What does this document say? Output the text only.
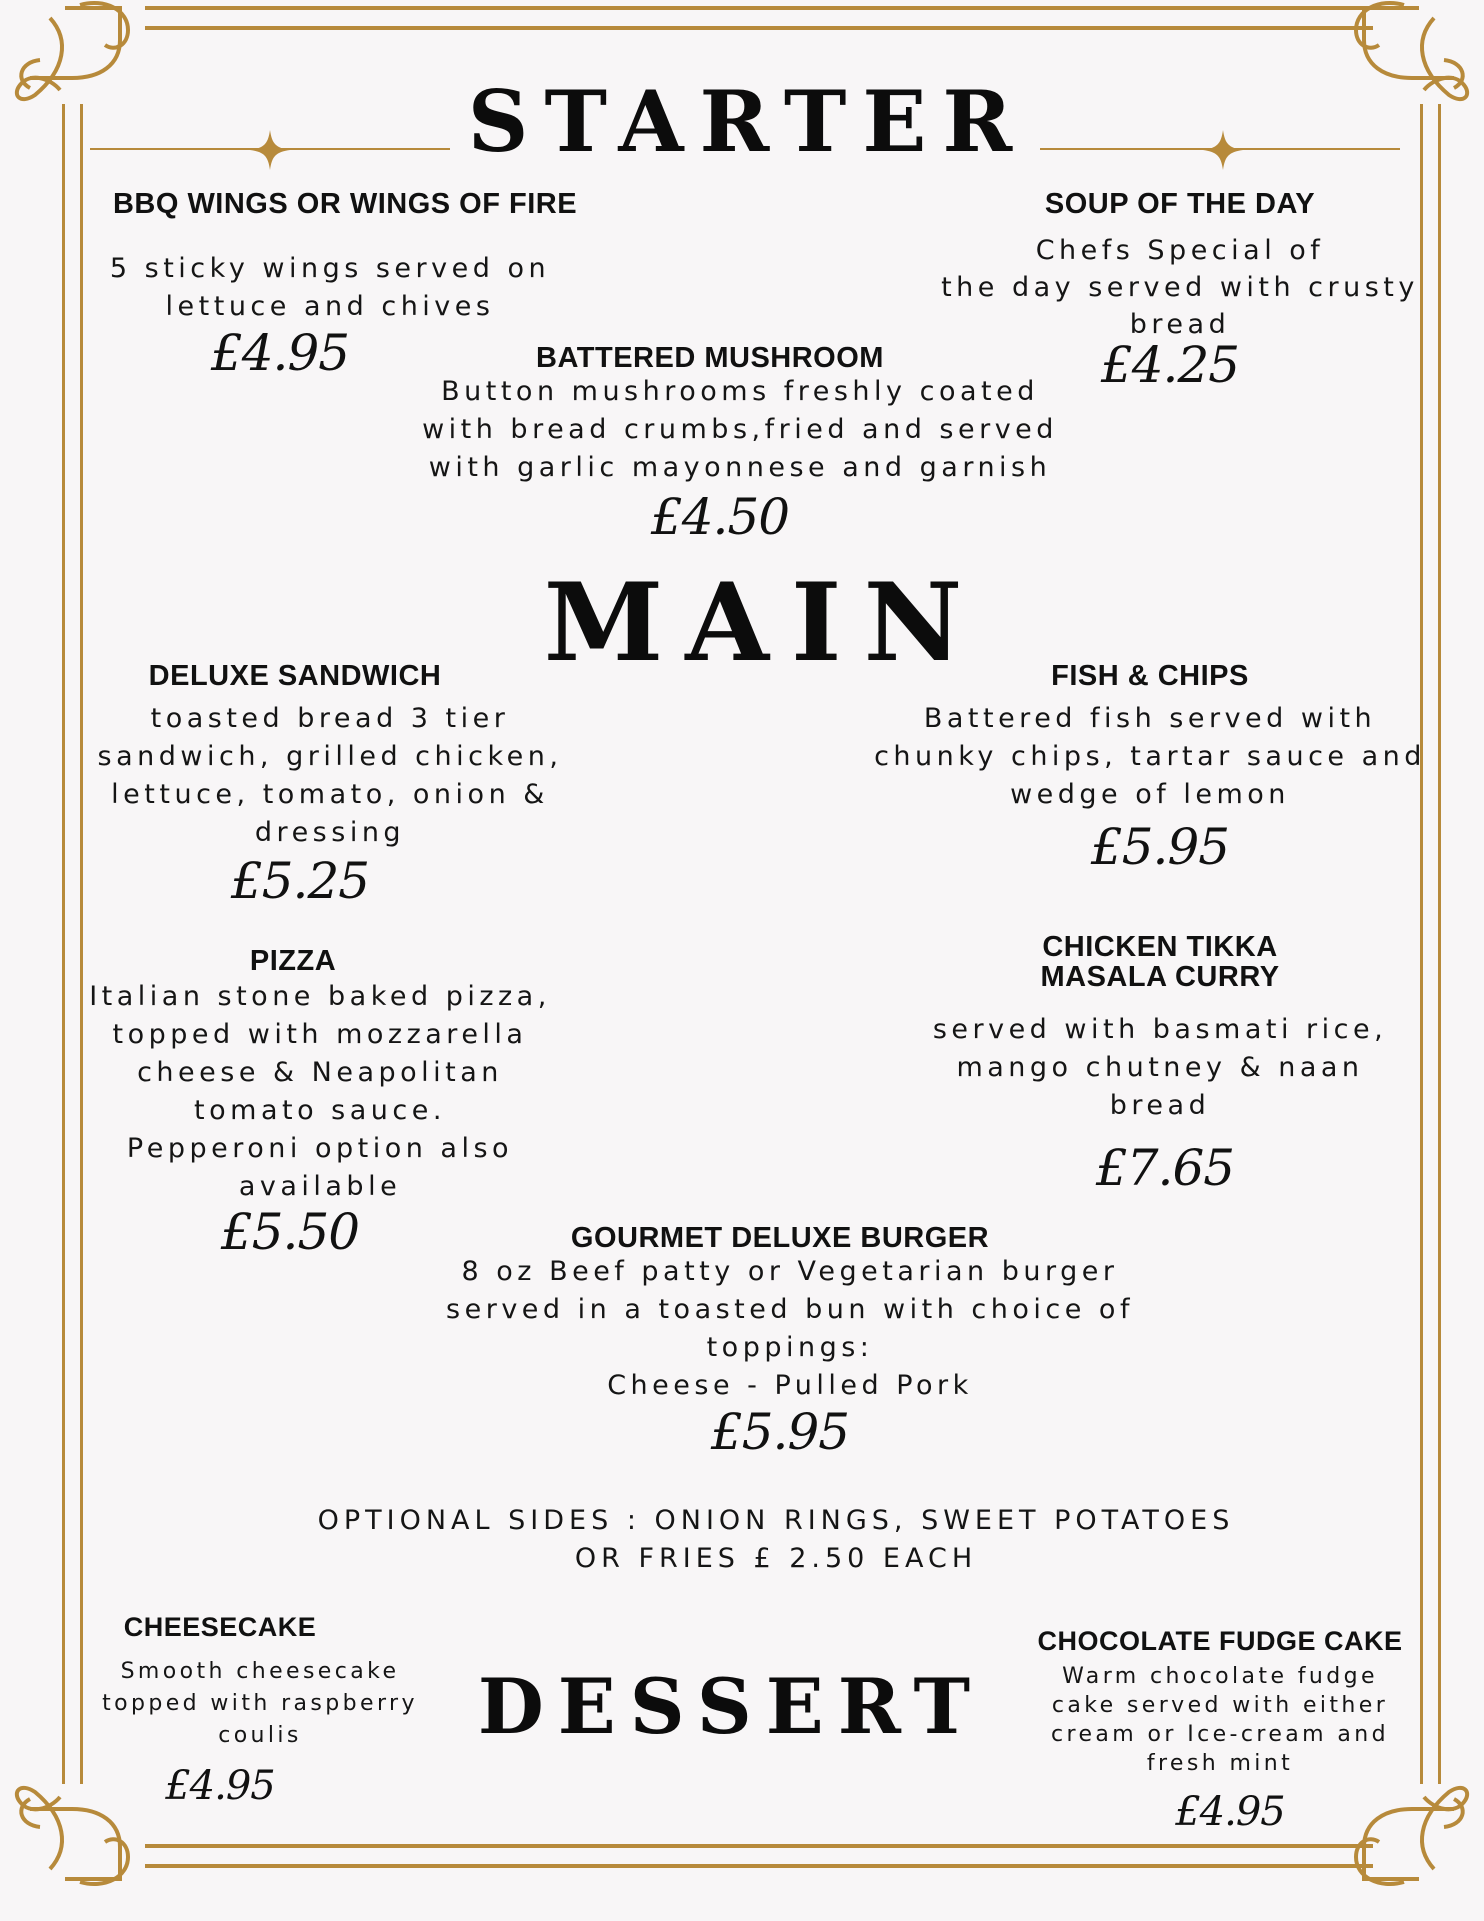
STARTER
BBQ WINGS OR WINGS OF FIRE
5 sticky wings served on
lettuce and chives
£4.95
SOUP OF THE DAY
Chefs Special of
the day served with crusty
bread
£4.25
BATTERED MUSHROOM
Button mushrooms freshly coated
with bread crumbs,fried and served
with garlic mayonnese and garnish
£4.50
MAIN
DELUXE SANDWICH
toasted bread 3 tier
sandwich, grilled chicken,
lettuce, tomato, onion &
dressing
£5.25
FISH & CHIPS
Battered fish served with
chunky chips, tartar sauce and
wedge of lemon
£5.95
PIZZA
Italian stone baked pizza,
topped with mozzarella
cheese & Neapolitan
tomato sauce.
Pepperoni option also
available
£5.50
CHICKEN TIKKA
MASALA CURRY
served with basmati rice,
mango chutney & naan
bread
£7.65
GOURMET DELUXE BURGER
8 oz Beef patty or Vegetarian burger
served in a toasted bun with choice of
toppings:
Cheese - Pulled Pork
£5.95
OPTIONAL SIDES : ONION RINGS, SWEET POTATOES
OR FRIES £ 2.50 EACH
CHEESECAKE
Smooth cheesecake
topped with raspberry
coulis
£4.95
DESSERT
CHOCOLATE FUDGE CAKE
Warm chocolate fudge
cake served with either
cream or Ice-cream and
fresh mint
£4.95
